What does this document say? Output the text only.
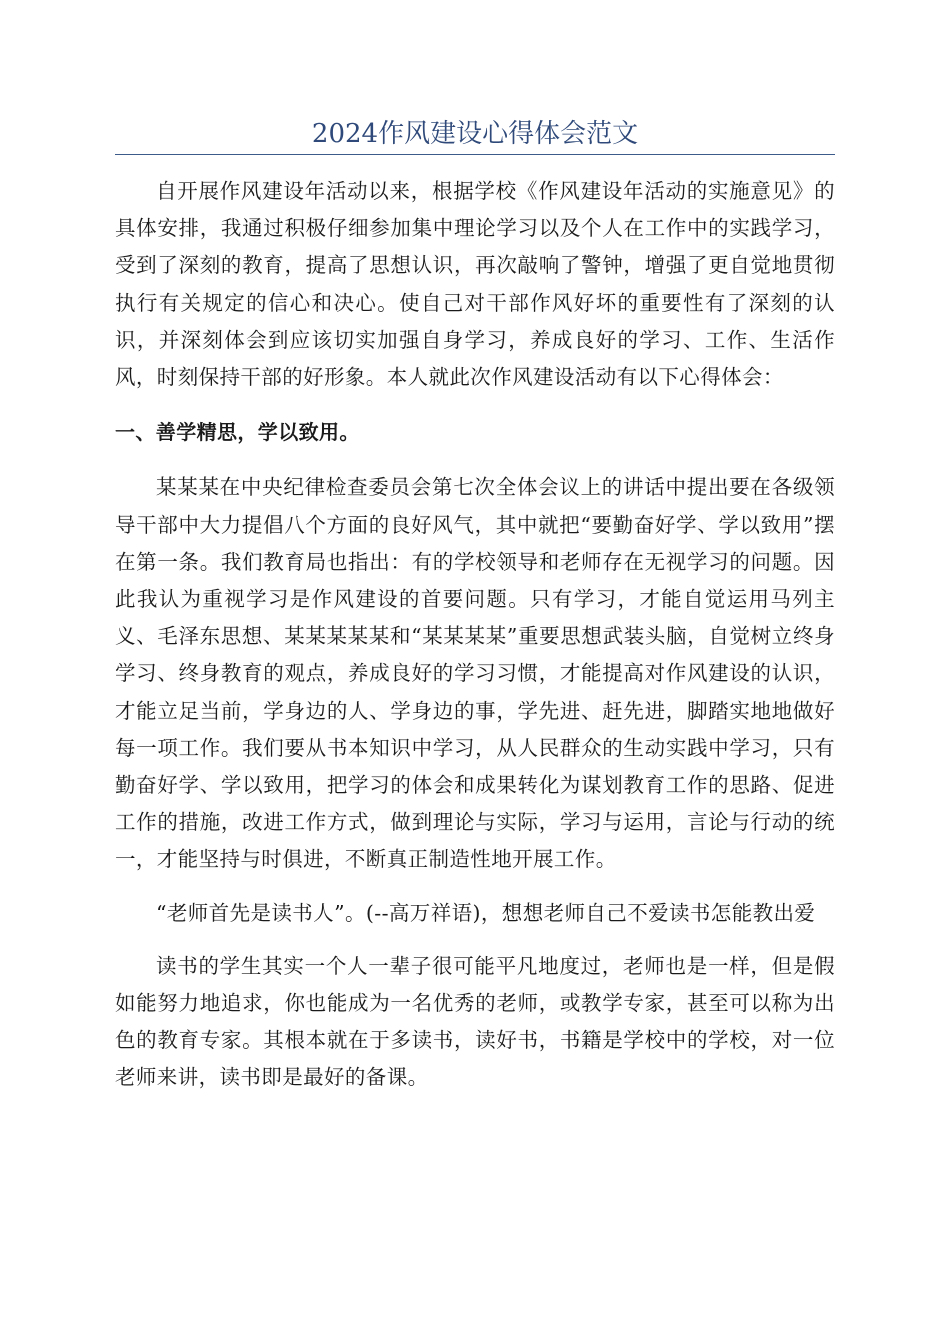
2024作风建设心得体会范文

自开展作风建设年活动以来，根据学校《作风建设年活动的实施意见》的具体安排，我通过积极仔细参加集中理论学习以及个人在工作中的实践学习，受到了深刻的教育，提高了思想认识，再次敲响了警钟，增强了更自觉地贯彻执行有关规定的信心和决心。使自己对干部作风好坏的重要性有了深刻的认识，并深刻体会到应该切实加强自身学习，养成良好的学习、工作、生活作风，时刻保持干部的好形象。本人就此次作风建设活动有以下心得体会：

一、善学精思，学以致用。

某某某在中央纪律检查委员会第七次全体会议上的讲话中提出要在各级领导干部中大力提倡八个方面的良好风气，其中就把“要勤奋好学、学以致用”摆在第一条。我们教育局也指出：有的学校领导和老师存在无视学习的问题。因此我认为重视学习是作风建设的首要问题。只有学习，才能自觉运用马列主义、毛泽东思想、某某某某某和“某某某某”重要思想武装头脑，自觉树立终身学习、终身教育的观点，养成良好的学习习惯，才能提高对作风建设的认识，才能立足当前，学身边的人、学身边的事，学先进、赶先进，脚踏实地地做好每一项工作。我们要从书本知识中学习，从人民群众的生动实践中学习，只有勤奋好学、学以致用，把学习的体会和成果转化为谋划教育工作的思路、促进工作的措施，改进工作方式，做到理论与实际，学习与运用，言论与行动的统一，才能坚持与时俱进，不断真正制造性地开展工作。

“老师首先是读书人”。(--高万祥语)，想想老师自己不爱读书怎能教出爱

读书的学生其实一个人一辈子很可能平凡地度过，老师也是一样，但是假如能努力地追求，你也能成为一名优秀的老师，或教学专家，甚至可以称为出色的教育专家。其根本就在于多读书，读好书，书籍是学校中的学校，对一位老师来讲，读书即是最好的备课。
